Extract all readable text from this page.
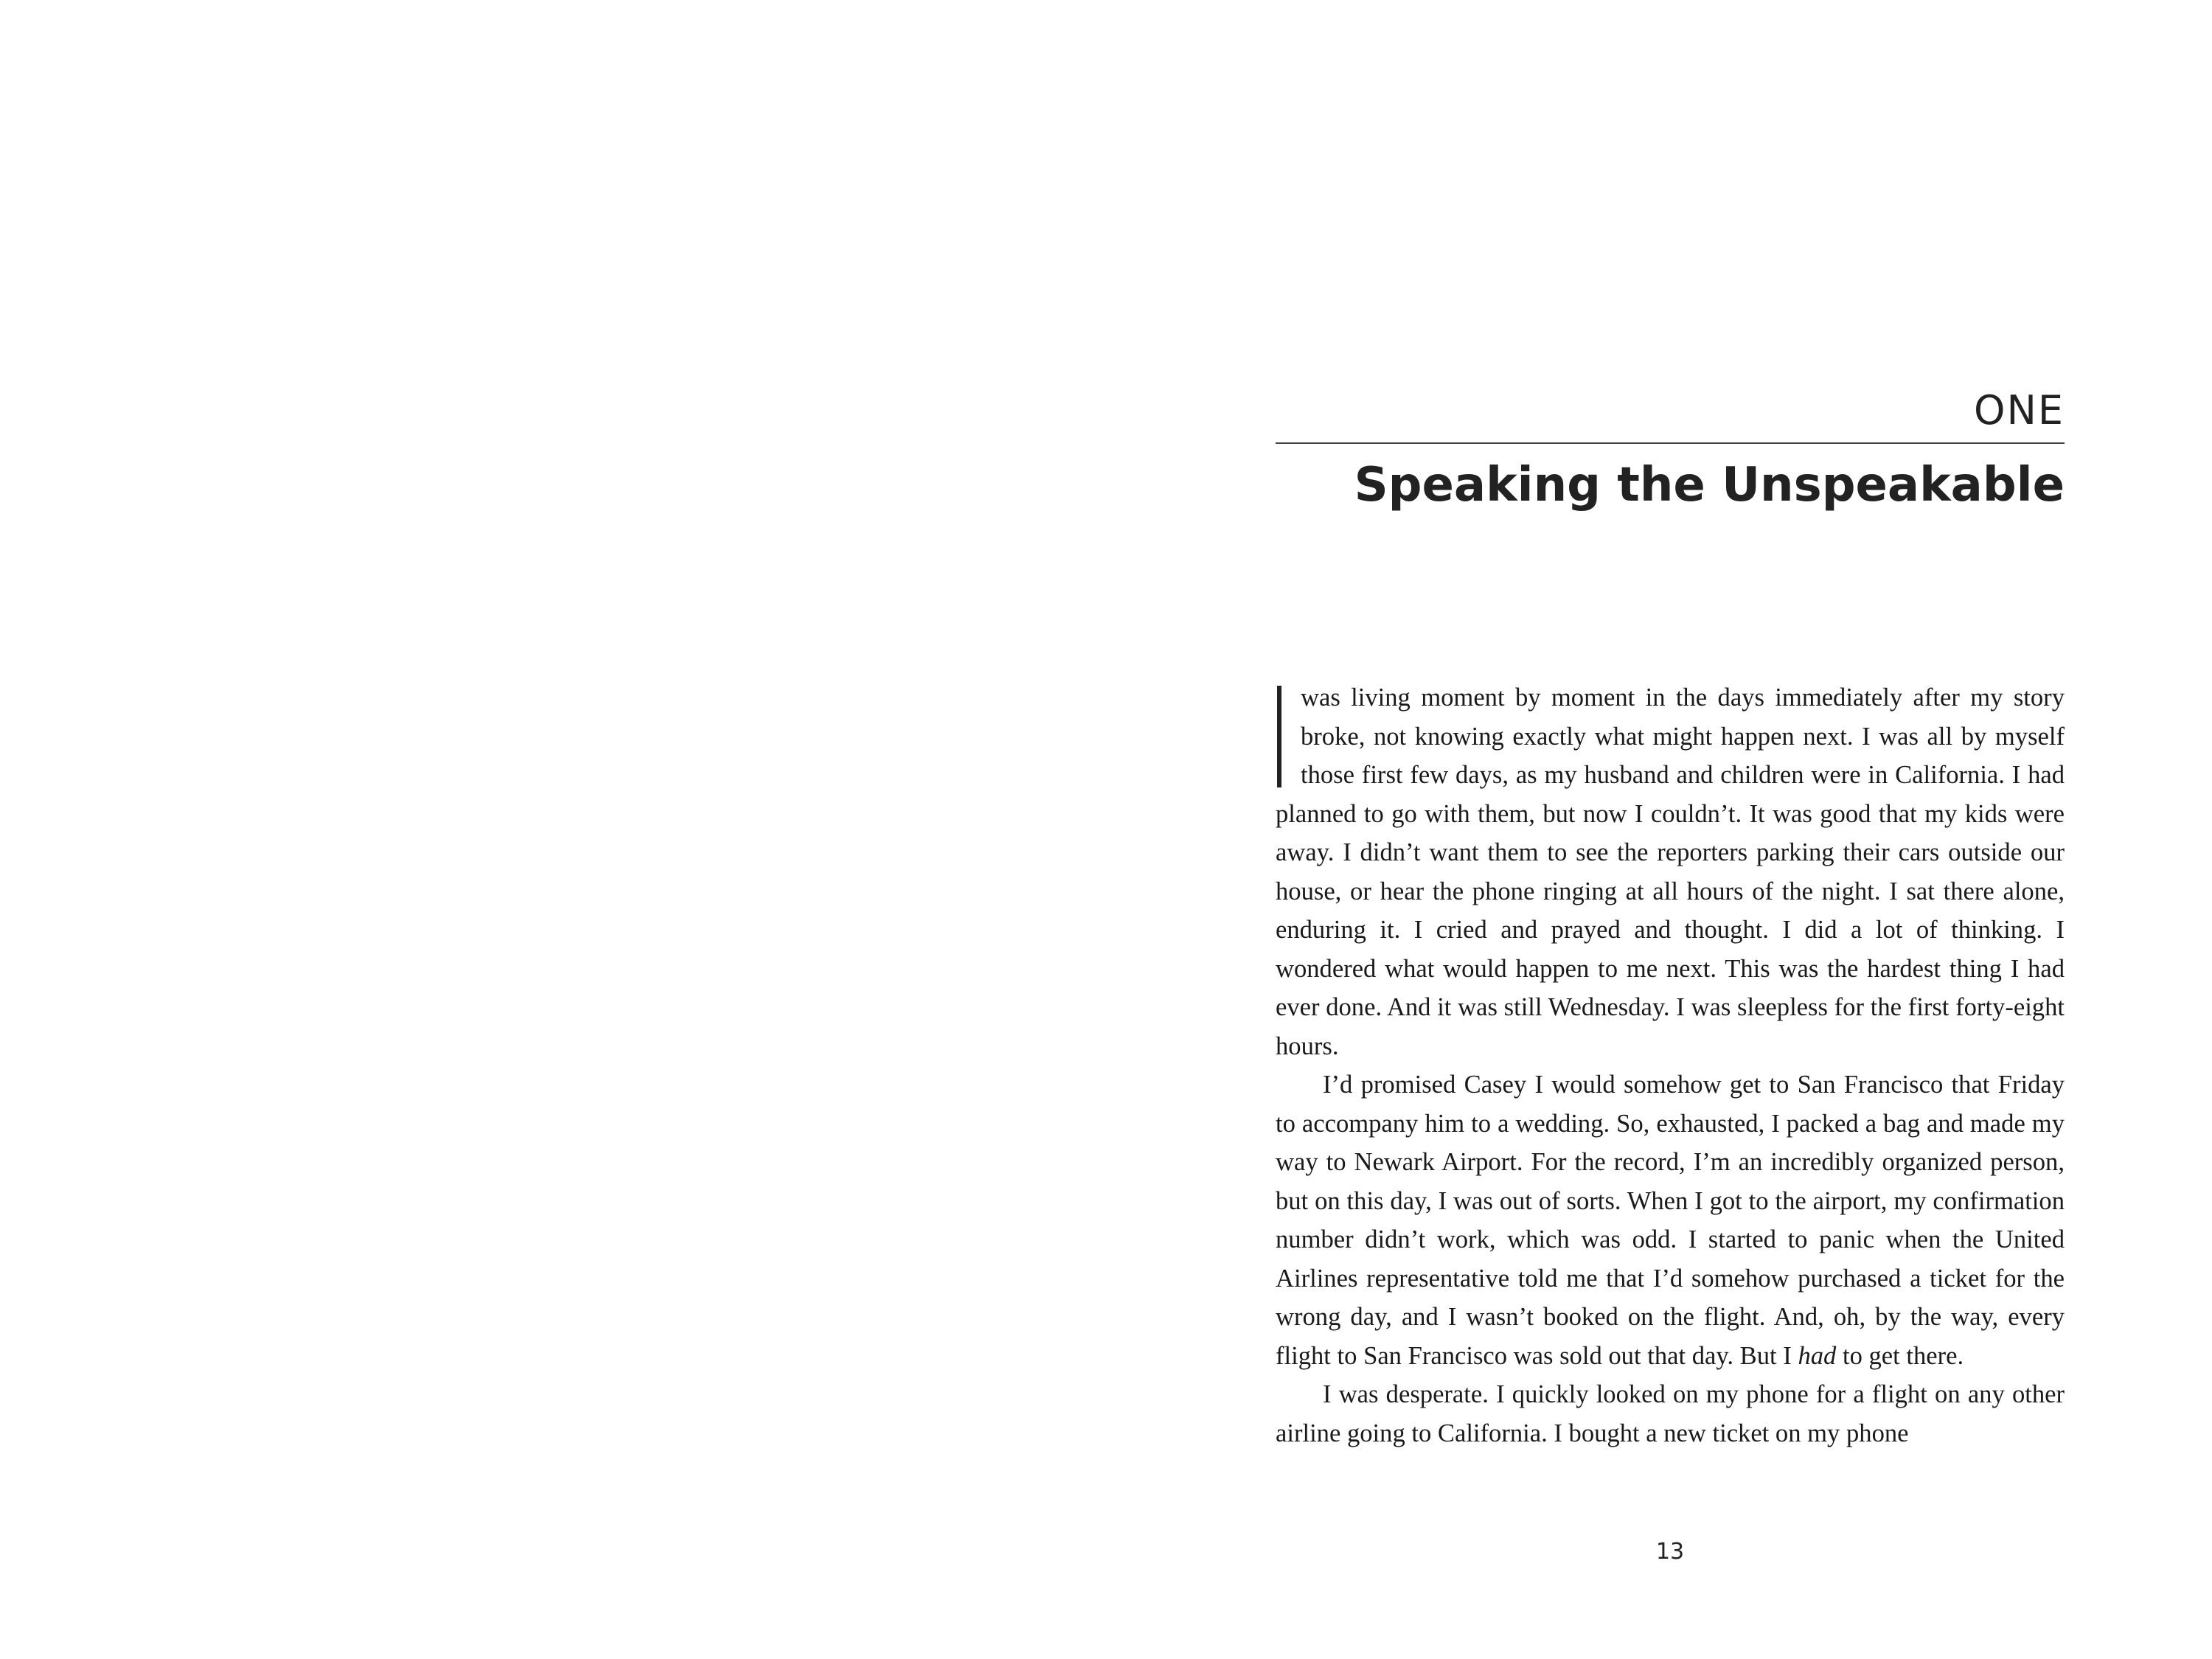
ONE
Speaking the Unspeakable

was living moment by moment in the days immediately after my story broke, not knowing exactly what might happen next. I was all by myself those first few days, as my husband and children were in California. I had planned to go with them, but now I couldn’t. It was good that my kids were away. I didn’t want them to see the reporters parking their cars outside our house, or hear the phone ringing at all hours of the night. I sat there alone, enduring it. I cried and prayed and thought. I did a lot of thinking. I wondered what would happen to me next. This was the hardest thing I had ever done. And it was still Wednesday. I was sleepless for the first forty-eight hours.

I’d promised Casey I would somehow get to San Francisco that Friday to accompany him to a wedding. So, exhausted, I packed a bag and made my way to Newark Airport. For the record, I’m an incredibly organized person, but on this day, I was out of sorts. When I got to the airport, my confirmation number didn’t work, which was odd. I started to panic when the United Airlines representative told me that I’d somehow purchased a ticket for the wrong day, and I wasn’t booked on the flight. And, oh, by the way, every flight to San Francisco was sold out that day. But I had to get there.

I was desperate. I quickly looked on my phone for a flight on any other airline going to California. I bought a new ticket on my phone

13
